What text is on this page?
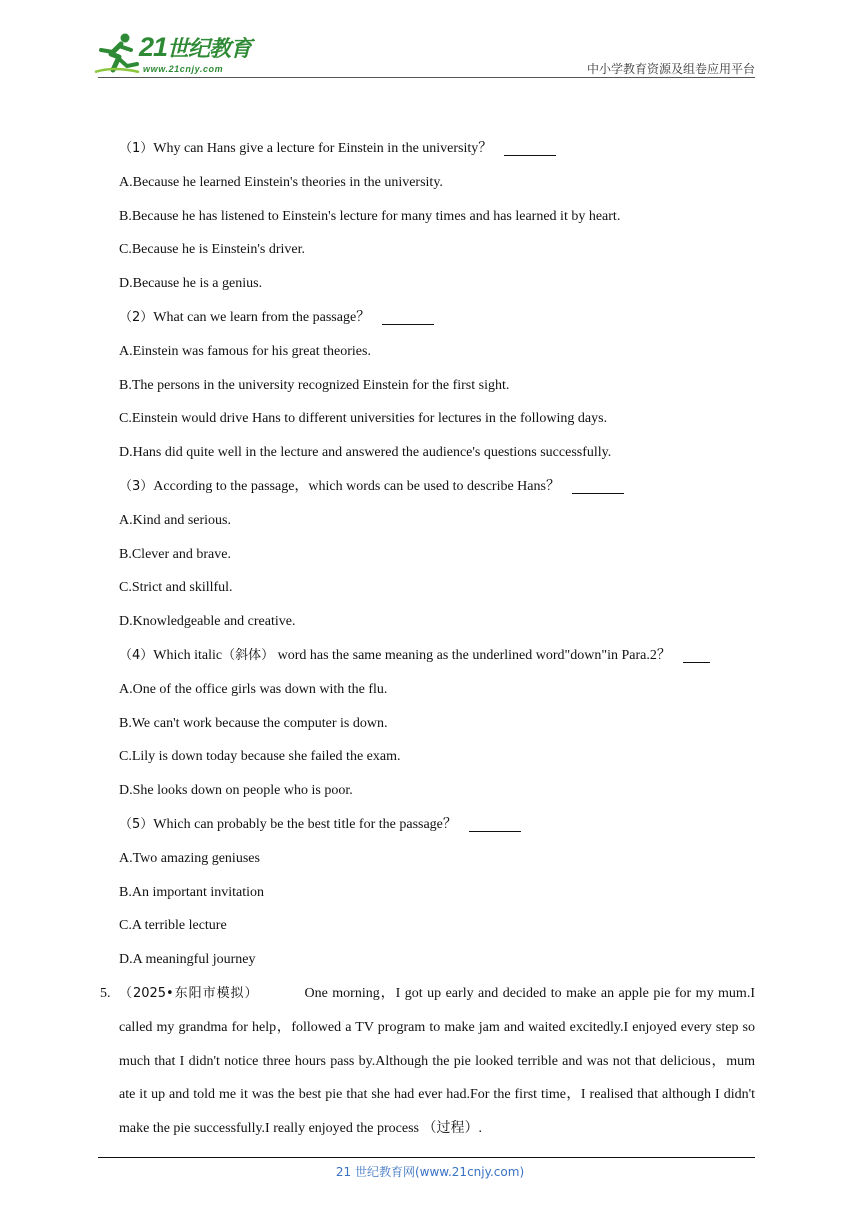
21世纪教育
www.21cnjy.com	中小学教育资源及组卷应用平台
（1）Why can Hans give a lecture for Einstein in the university？
A.Because he learned Einstein's theories in the university.
B.Because he has listened to Einstein's lecture for many times and has learned it by heart.
C.Because he is Einstein's driver.
D.Because he is a genius.
（2）What can we learn from the passage？
A.Einstein was famous for his great theories.
B.The persons in the university recognized Einstein for the first sight.
C.Einstein would drive Hans to different universities for lectures in the following days.
D.Hans did quite well in the lecture and answered the audience's questions successfully.
（3）According to the passage，which words can be used to describe Hans？
A.Kind and serious.
B.Clever and brave.
C.Strict and skillful.
D.Knowledgeable and creative.
（4）Which italic（斜体） word has the same meaning as the underlined word"down"in Para.2？
A.One of the office girls was down with the flu.
B.We can't work because the computer is down.
C.Lily is down today because she failed the exam.
D.She looks down on people who is poor.
（5）Which can probably be the best title for the passage？
A.Two amazing geniuses
B.An important invitation
C.A terrible lecture
D.A meaningful journey
5. （2025•东阳市模拟）	One morning，I got up early and decided to make an apple pie for my mum.I called my grandma for help，followed a TV program to make jam and waited excitedly.I enjoyed every step so much that I didn't notice three hours pass by.Although the pie looked terrible and was not that delicious，mum ate it up and told me it was the best pie that she had ever had.For the first time，I realised that although I didn't make the pie successfully.I really enjoyed the process （过程）.

21 世纪教育网(www.21cnjy.com)
